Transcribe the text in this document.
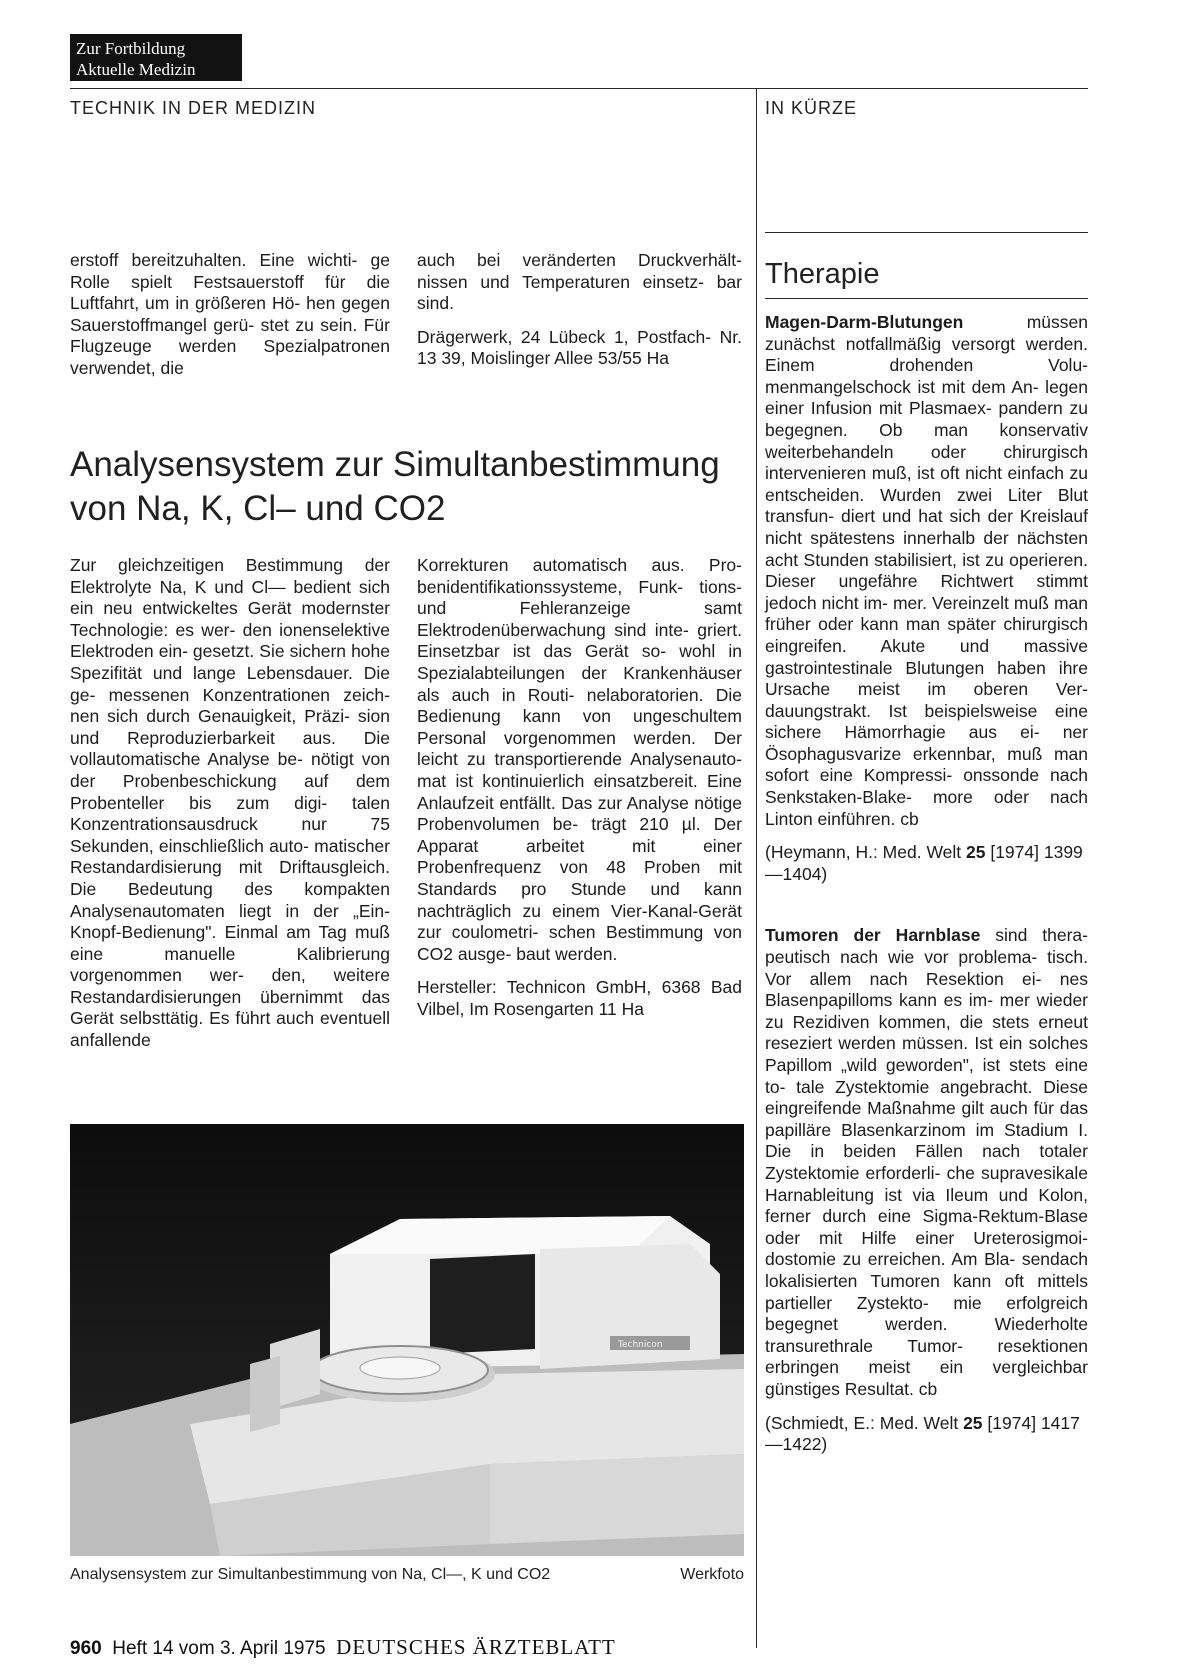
Zur Fortbildung
Aktuelle Medizin
TECHNIK IN DER MEDIZIN	IN KÜRZE

erstoff bereitzuhalten. Eine wichti- ge Rolle spielt Festsauerstoff für die Luftfahrt, um in größeren Hö- hen gegen Sauerstoffmangel gerü- stet zu sein. Für Flugzeuge werden Spezialpatronen verwendet, die

auch bei veränderten Druckverhält- nissen und Temperaturen einsetz- bar sind.

Drägerwerk, 24 Lübeck 1, Postfach- Nr. 13 39, Moislinger Allee 53/55 Ha

Analysensystem zur Simultanbestimmung
von Na, K, Cl– und CO2

Zur gleichzeitigen Bestimmung der Elektrolyte Na, K und Cl— bedient sich ein neu entwickeltes Gerät modernster Technologie: es wer- den ionenselektive Elektroden ein- gesetzt. Sie sichern hohe Spezifität und lange Lebensdauer. Die ge- messenen Konzentrationen zeich- nen sich durch Genauigkeit, Präzi- sion und Reproduzierbarkeit aus. Die vollautomatische Analyse be- nötigt von der Probenbeschickung auf dem Probenteller bis zum digi- talen Konzentrationsausdruck nur 75 Sekunden, einschließlich auto- matischer Restandardisierung mit Driftausgleich. Die Bedeutung des kompakten Analysenautomaten liegt in der „Ein-Knopf-Bedienung". Einmal am Tag muß eine manuelle Kalibrierung vorgenommen wer- den, weitere Restandardisierungen übernimmt das Gerät selbsttätig. Es führt auch eventuell anfallende

Korrekturen automatisch aus. Pro- benidentifikationssysteme, Funk- tions- und Fehleranzeige samt Elektrodenüberwachung sind inte- griert. Einsetzbar ist das Gerät so- wohl in Spezialabteilungen der Krankenhäuser als auch in Routi- nelaboratorien. Die Bedienung kann von ungeschultem Personal vorgenommen werden. Der leicht zu transportierende Analysenauto- mat ist kontinuierlich einsatzbereit. Eine Anlaufzeit entfällt. Das zur Analyse nötige Probenvolumen be- trägt 210 µl. Der Apparat arbeitet mit einer Probenfrequenz von 48 Proben mit Standards pro Stunde und kann nachträglich zu einem Vier-Kanal-Gerät zur coulometri- schen Bestimmung von CO2 ausge- baut werden.

Hersteller: Technicon GmbH, 6368 Bad Vilbel, Im Rosengarten 11 Ha

Technicon
Analysensystem zur Simultanbestimmung von Na, Cl—, K und CO2	Werkfoto
Therapie

Magen-Darm-Blutungen müssen zunächst notfallmäßig versorgt werden. Einem drohenden Volu- menmangelschock ist mit dem An- legen einer Infusion mit Plasmaex- pandern zu begegnen. Ob man konservativ weiterbehandeln oder chirurgisch intervenieren muß, ist oft nicht einfach zu entscheiden. Wurden zwei Liter Blut transfun- diert und hat sich der Kreislauf nicht spätestens innerhalb der nächsten acht Stunden stabilisiert, ist zu operieren. Dieser ungefähre Richtwert stimmt jedoch nicht im- mer. Vereinzelt muß man früher oder kann man später chirurgisch eingreifen. Akute und massive gastrointestinale Blutungen haben ihre Ursache meist im oberen Ver- dauungstrakt. Ist beispielsweise eine sichere Hämorrhagie aus ei- ner Ösophagusvarize erkennbar, muß man sofort eine Kompressi- onssonde nach Senkstaken-Blake- more oder nach Linton einführen. cb

(Heymann, H.: Med. Welt 25 [1974] 1399—1404)

Tumoren der Harnblase sind thera- peutisch nach wie vor problema- tisch. Vor allem nach Resektion ei- nes Blasenpapilloms kann es im- mer wieder zu Rezidiven kommen, die stets erneut reseziert werden müssen. Ist ein solches Papillom „wild geworden", ist stets eine to- tale Zystektomie angebracht. Diese eingreifende Maßnahme gilt auch für das papilläre Blasenkarzinom im Stadium I. Die in beiden Fällen nach totaler Zystektomie erforderli- che supravesikale Harnableitung ist via Ileum und Kolon, ferner durch eine Sigma-Rektum-Blase oder mit Hilfe einer Ureterosigmoi- dostomie zu erreichen. Am Bla- sendach lokalisierten Tumoren kann oft mittels partieller Zystekto- mie erfolgreich begegnet werden. Wiederholte transurethrale Tumor- resektionen erbringen meist ein vergleichbar günstiges Resultat. cb

(Schmiedt, E.: Med. Welt 25 [1974] 1417—1422)

960 Heft 14 vom 3. April 1975 DEUTSCHES ÄRZTEBLATT
